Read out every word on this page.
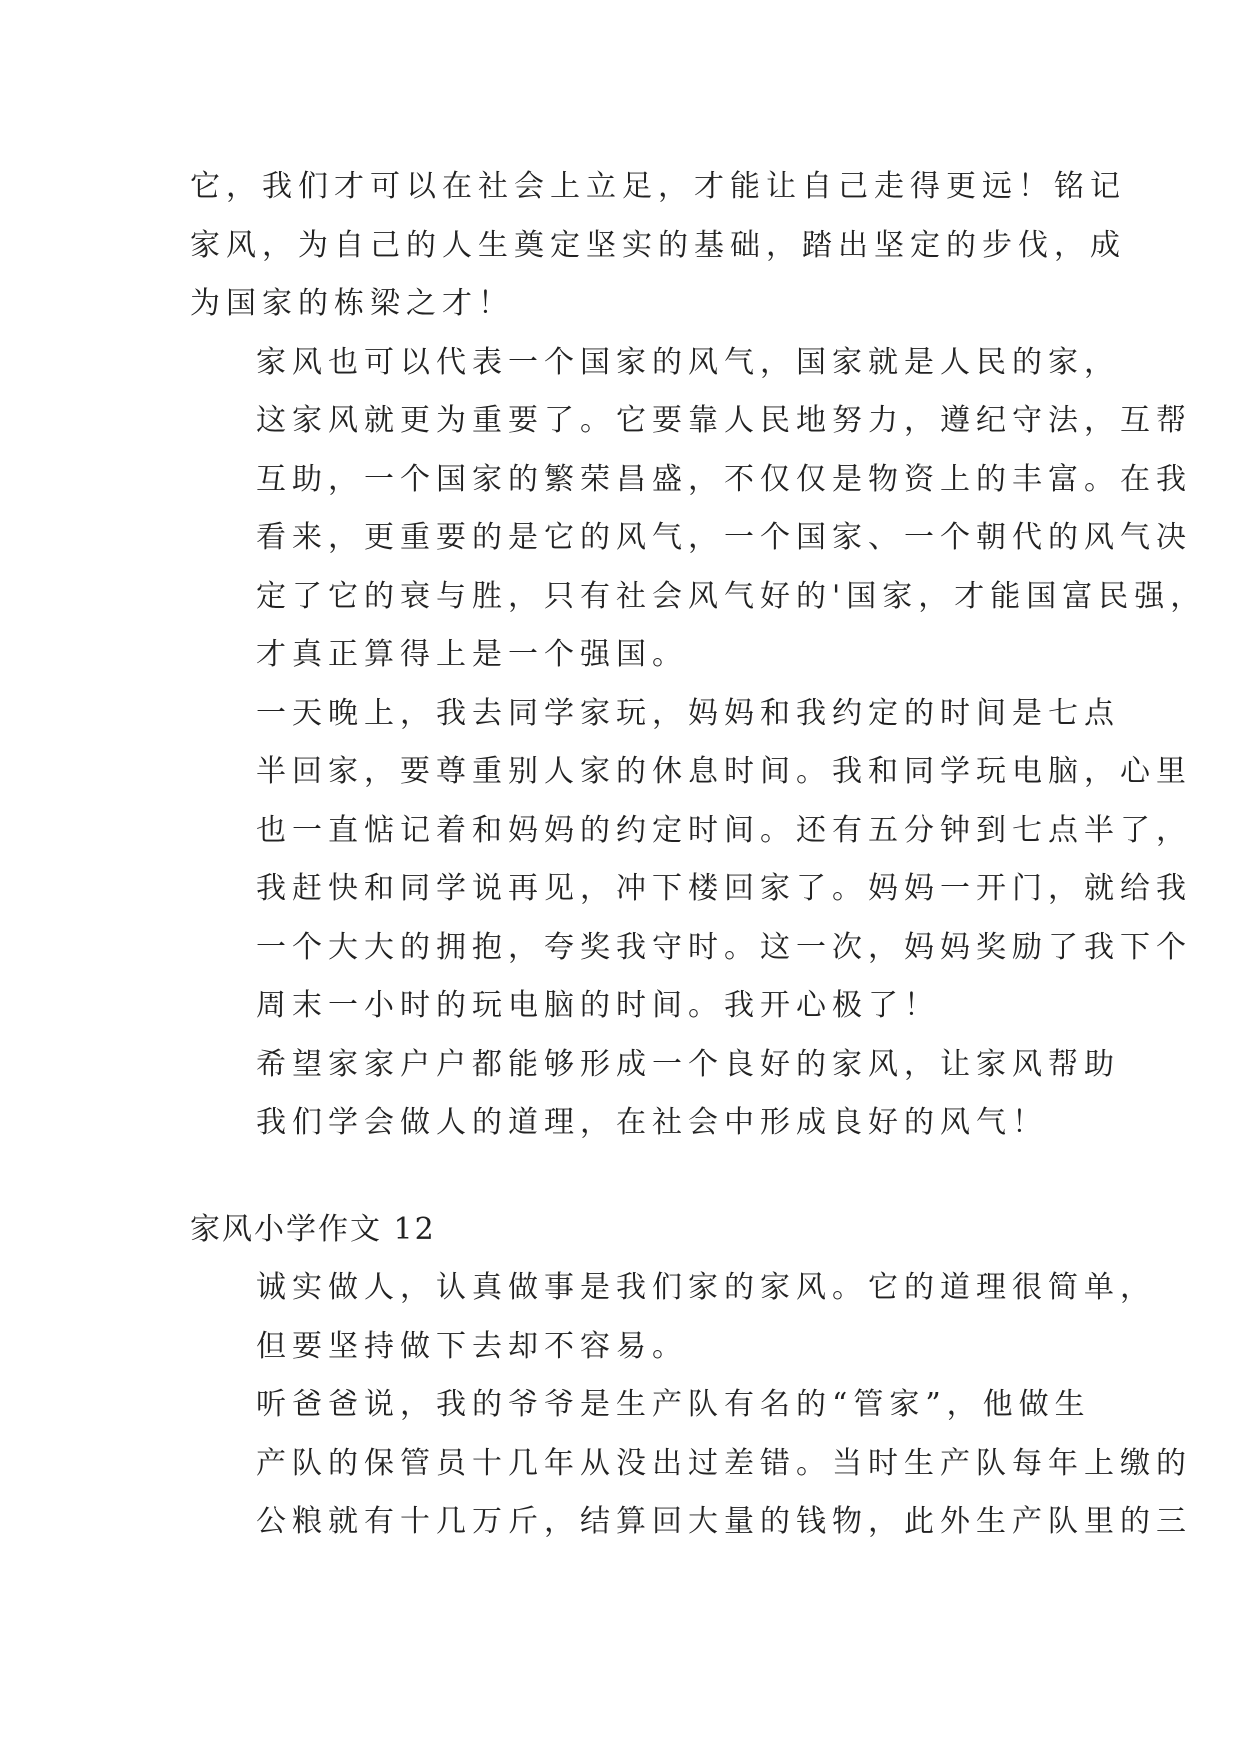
它，我们才可以在社会上立足，才能让自己走得更远！铭记
家风，为自己的人生奠定坚实的基础，踏出坚定的步伐，成
为国家的栋梁之才！
家风也可以代表一个国家的风气，国家就是人民的家，
这家风就更为重要了。它要靠人民地努力，遵纪守法，互帮
互助，一个国家的繁荣昌盛，不仅仅是物资上的丰富。在我
看来，更重要的是它的风气，一个国家、一个朝代的风气决
定了它的衰与胜，只有社会风气好的'国家，才能国富民强，
才真正算得上是一个强国。
一天晚上，我去同学家玩，妈妈和我约定的时间是七点
半回家，要尊重别人家的休息时间。我和同学玩电脑，心里
也一直惦记着和妈妈的约定时间。还有五分钟到七点半了，
我赶快和同学说再见，冲下楼回家了。妈妈一开门，就给我
一个大大的拥抱，夸奖我守时。这一次，妈妈奖励了我下个
周末一小时的玩电脑的时间。我开心极了！
希望家家户户都能够形成一个良好的家风，让家风帮助
我们学会做人的道理，在社会中形成良好的风气！
家风小学作文 12
诚实做人，认真做事是我们家的家风。它的道理很简单，
但要坚持做下去却不容易。
听爸爸说，我的爷爷是生产队有名的“管家”，他做生
产队的保管员十几年从没出过差错。当时生产队每年上缴的
公粮就有十几万斤，结算回大量的钱物，此外生产队里的三
